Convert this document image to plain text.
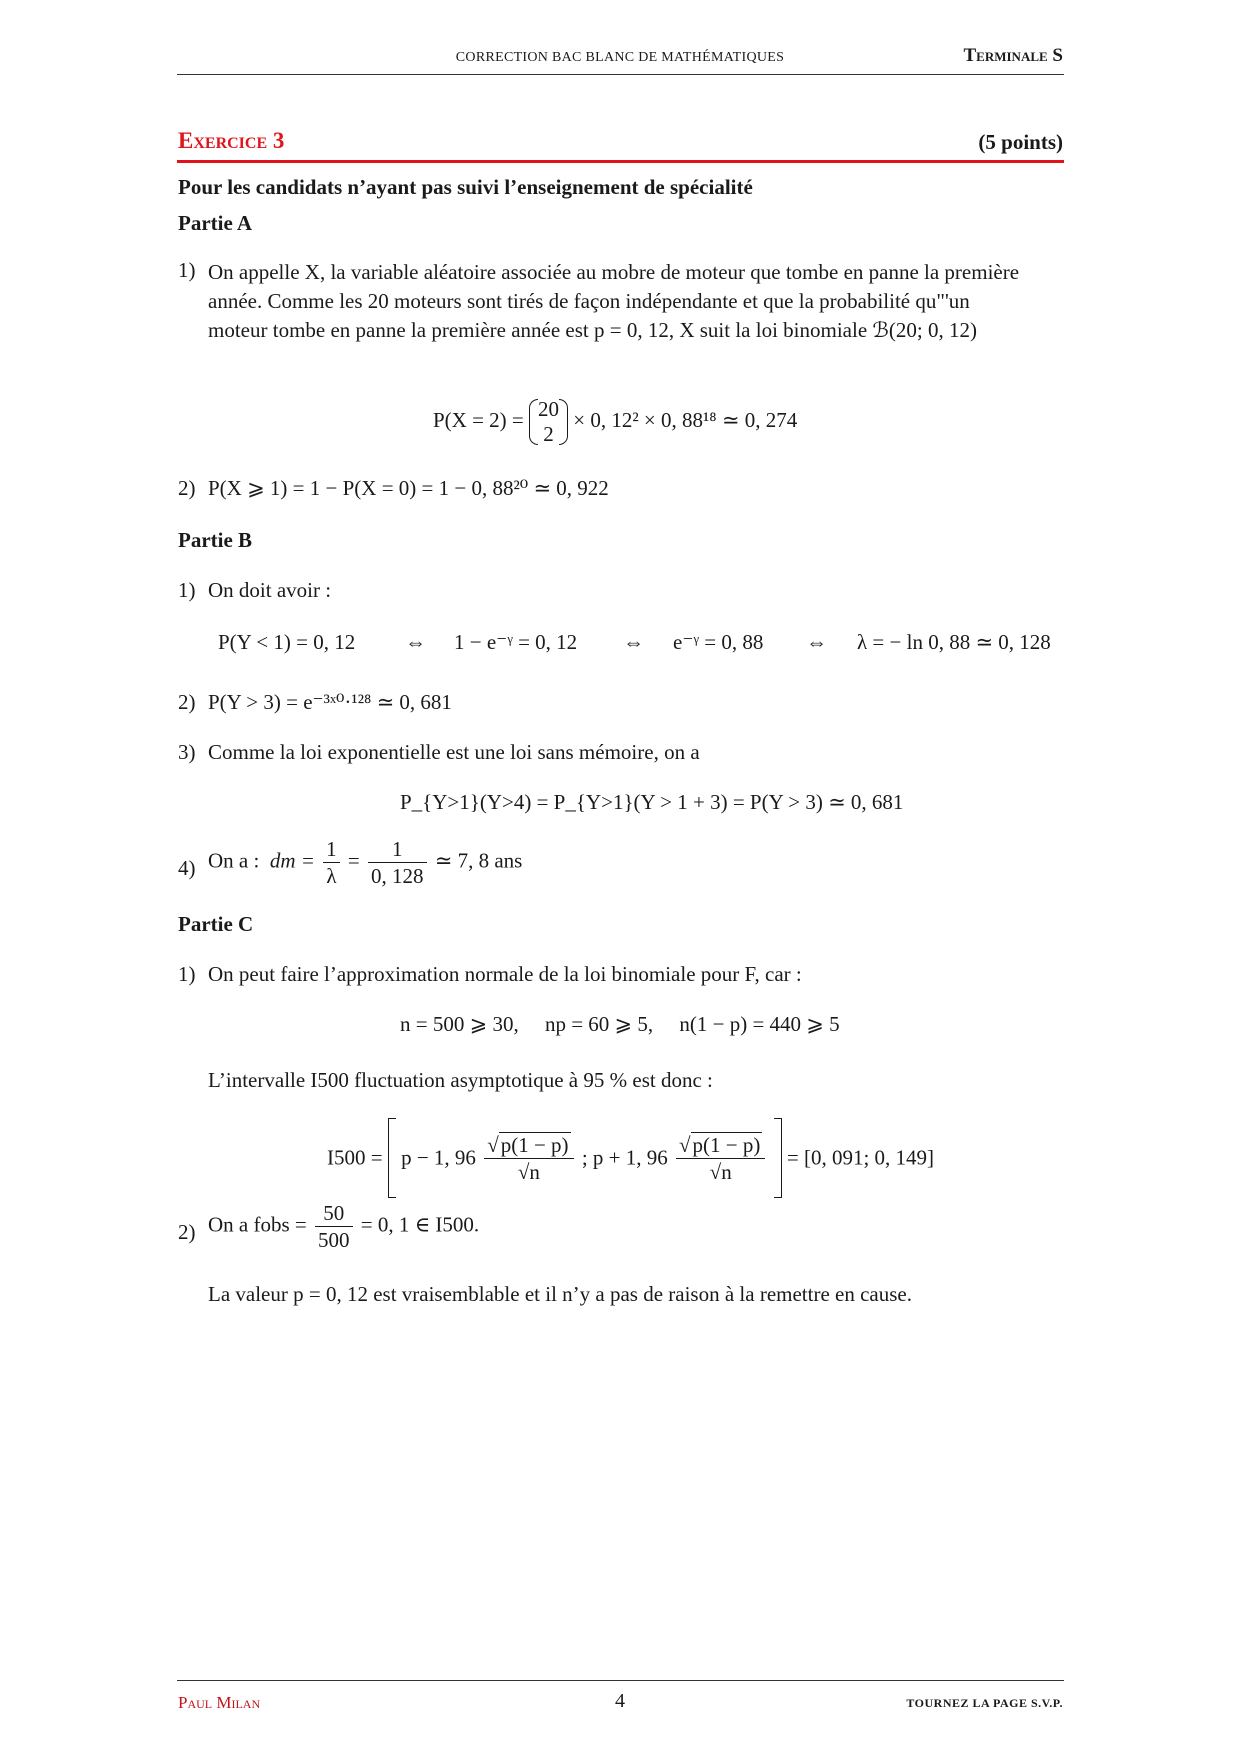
CORRECTION BAC BLANC DE MATHÉMATIQUES	Terminale S
Exercice 3	(5 points)
Pour les candidats n’ayant pas suivi l’enseignement de spécialité
Partie A
1) On appelle X, la variable aléatoire associée au mobre de moteur que tombe en panne la première
année. Comme les 20 moteurs sont tirés de façon indépendante et que la probabilité qu"'un
moteur tombe en panne la première année est p = 0, 12, X suit la loi binomiale ℬ(20; 0, 12)
P(X = 2) = 20
2
× 0, 12² × 0, 88¹⁸ ≃ 0, 274
2) P(X ⩾ 1) = 1 − P(X = 0) = 1 − 0, 88²⁰ ≃ 0, 922
Partie B
1) On doit avoir :
P(Y < 1) = 0, 12 ⇔ 1 − e⁻ᵞ = 0, 12 ⇔ e⁻ᵞ = 0, 88 ⇔ λ = − ln 0, 88 ≃ 0, 128
2) P(Y > 3) = e⁻³ˣ⁰·¹²⁸ ≃ 0, 681
3) Comme la loi exponentielle est une loi sans mémoire, on a
P_{Y>1}(Y>4) = P_{Y>1}(Y > 1 + 3) = P(Y > 3) ≃ 0, 681
4) On a : dm = $\frac{1}{\lambda} = \frac{1}{0, 128}$ ≃ 7, 8 ans
Partie C
1) On peut faire l’approximation normale de la loi binomiale pour F, car :
n = 500 ⩾ 30,     np = 60 ⩾ 5,     n(1 − p) = 440 ⩾ 5
L’intervalle I500 fluctuation asymptotique à 95 % est donc :
I500 = p − 1, $96 \frac{√p(1 - p)}{√n}$ ; p + 1, $96 \frac{√p(1 - p)}{√n} = [0$, 091; 0, 149]
2) On a fobs = $\frac{50}{500} = 0$, 1 ∈ I500.
La valeur p = 0, 12 est vraisemblable et il n’y a pas de raison à la remettre en cause.
Paul Milan	4	TOURNEZ LA PAGE S.V.P.
